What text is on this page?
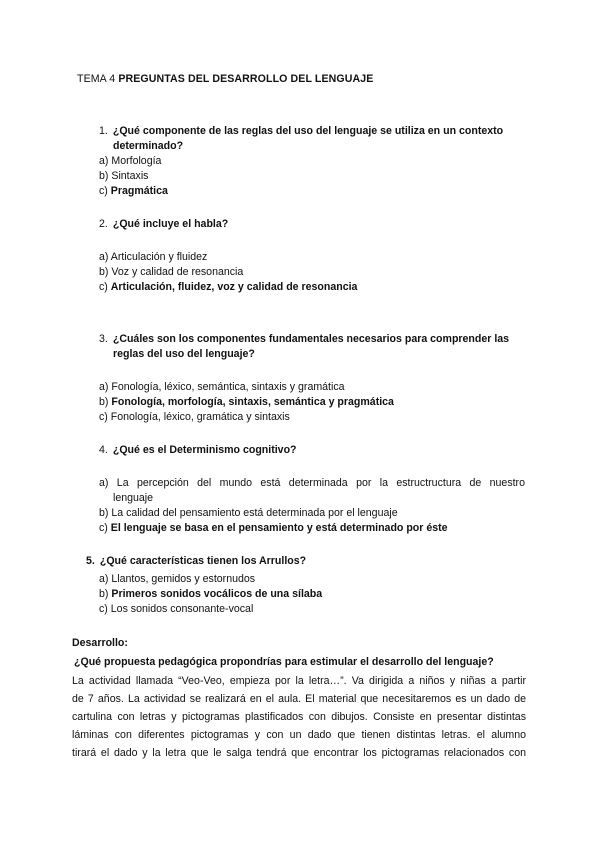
TEMA 4 PREGUNTAS DEL DESARROLLO DEL LENGUAJE
1. ¿Qué componente de las reglas del uso del lenguaje se utiliza en un contexto
determinado?
a) Morfología
b) Sintaxis
c) Pragmática
2. ¿Qué incluye el habla?
a) Articulación y fluidez
b) Voz y calidad de resonancia
c) Articulación, fluidez, voz y calidad de resonancia
3. ¿Cuáles son los componentes fundamentales necesarios para comprender las
reglas del uso del lenguaje?
a) Fonología, léxico, semántica, sintaxis y gramática
b) Fonología, morfología, sintaxis, semántica y pragmática
c) Fonología, léxico, gramática y sintaxis
4. ¿Qué es el Determinismo cognitivo?
a) La percepción del mundo está determinada por la estructructura de nuestro
lenguaje
b) La calidad del pensamiento está determinada por el lenguaje
c) El lenguaje se basa en el pensamiento y está determinado por éste
5. ¿Qué características tienen los Arrullos?
a) Llantos, gemidos y estornudos
b) Primeros sonidos vocálicos de una sílaba
c) Los sonidos consonante-vocal
Desarrollo:
¿Qué propuesta pedagógica propondrías para estimular el desarrollo del lenguaje?
La actividad llamada “Veo-Veo, empieza por la letra…”. Va dirigida a niños y niñas a partir
de 7 años. La actividad se realizará en el aula. El material que necesitaremos es un dado de
cartulina con letras y pictogramas plastificados con dibujos. Consiste en presentar distintas
láminas con diferentes pictogramas y con un dado que tienen distintas letras. el alumno
tirará el dado y la letra que le salga tendrá que encontrar los pictogramas relacionados con
